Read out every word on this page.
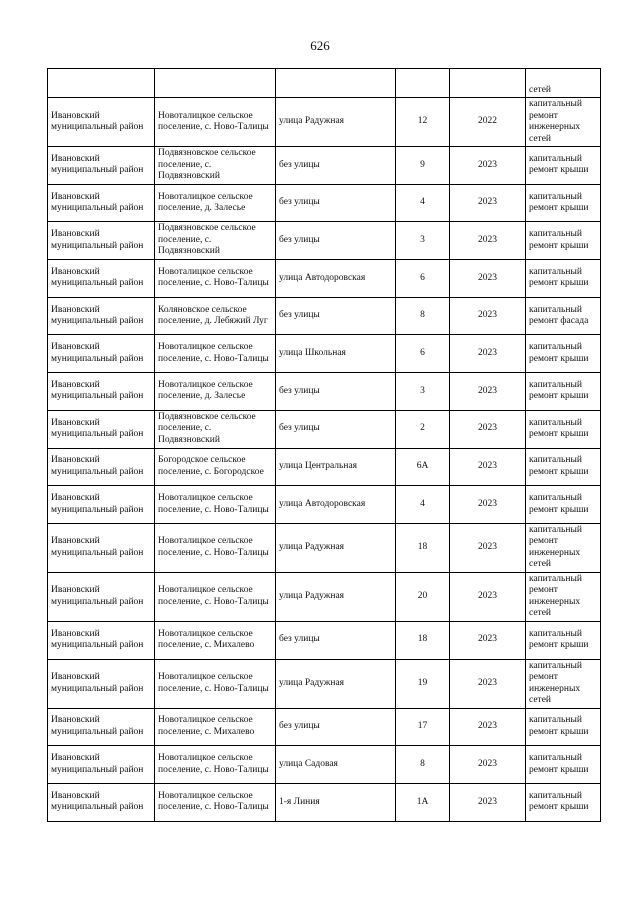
626
					сетей
Ивановский муниципальный район	Новоталицкое сельское поселение, с. Ново-Талицы	улица Радужная	12	2022	капитальный ремонт инженерных сетей
Ивановский муниципальный район	Подвязновское сельское поселение, с. Подвязновский	без улицы	9	2023	капитальный ремонт крыши
Ивановский муниципальный район	Новоталицкое сельское поселение, д. Залесье	без улицы	4	2023	капитальный ремонт крыши
Ивановский муниципальный район	Подвязновское сельское поселение, с. Подвязновский	без улицы	3	2023	капитальный ремонт крыши
Ивановский муниципальный район	Новоталицкое сельское поселение, с. Ново-Талицы	улица Автодоровская	6	2023	капитальный ремонт крыши
Ивановский муниципальный район	Коляновское сельское поселение, д. Лебяжий Луг	без улицы	8	2023	капитальный ремонт фасада
Ивановский муниципальный район	Новоталицкое сельское поселение, с. Ново-Талицы	улица Школьная	6	2023	капитальный ремонт крыши
Ивановский муниципальный район	Новоталицкое сельское поселение, д. Залесье	без улицы	3	2023	капитальный ремонт крыши
Ивановский муниципальный район	Подвязновское сельское поселение, с. Подвязновский	без улицы	2	2023	капитальный ремонт крыши
Ивановский муниципальный район	Богородское сельское поселение, с. Богородское	улица Центральная	6А	2023	капитальный ремонт крыши
Ивановский муниципальный район	Новоталицкое сельское поселение, с. Ново-Талицы	улица Автодоровская	4	2023	капитальный ремонт крыши
Ивановский муниципальный район	Новоталицкое сельское поселение, с. Ново-Талицы	улица Радужная	18	2023	капитальный ремонт инженерных сетей
Ивановский муниципальный район	Новоталицкое сельское поселение, с. Ново-Талицы	улица Радужная	20	2023	капитальный ремонт инженерных сетей
Ивановский муниципальный район	Новоталицкое сельское поселение, с. Михалево	без улицы	18	2023	капитальный ремонт крыши
Ивановский муниципальный район	Новоталицкое сельское поселение, с. Ново-Талицы	улица Радужная	19	2023	капитальный ремонт инженерных сетей
Ивановский муниципальный район	Новоталицкое сельское поселение, с. Михалево	без улицы	17	2023	капитальный ремонт крыши
Ивановский муниципальный район	Новоталицкое сельское поселение, с. Ново-Талицы	улица Садовая	8	2023	капитальный ремонт крыши
Ивановский муниципальный район	Новоталицкое сельское поселение, с. Ново-Талицы	1-я Линия	1А	2023	капитальный ремонт крыши
